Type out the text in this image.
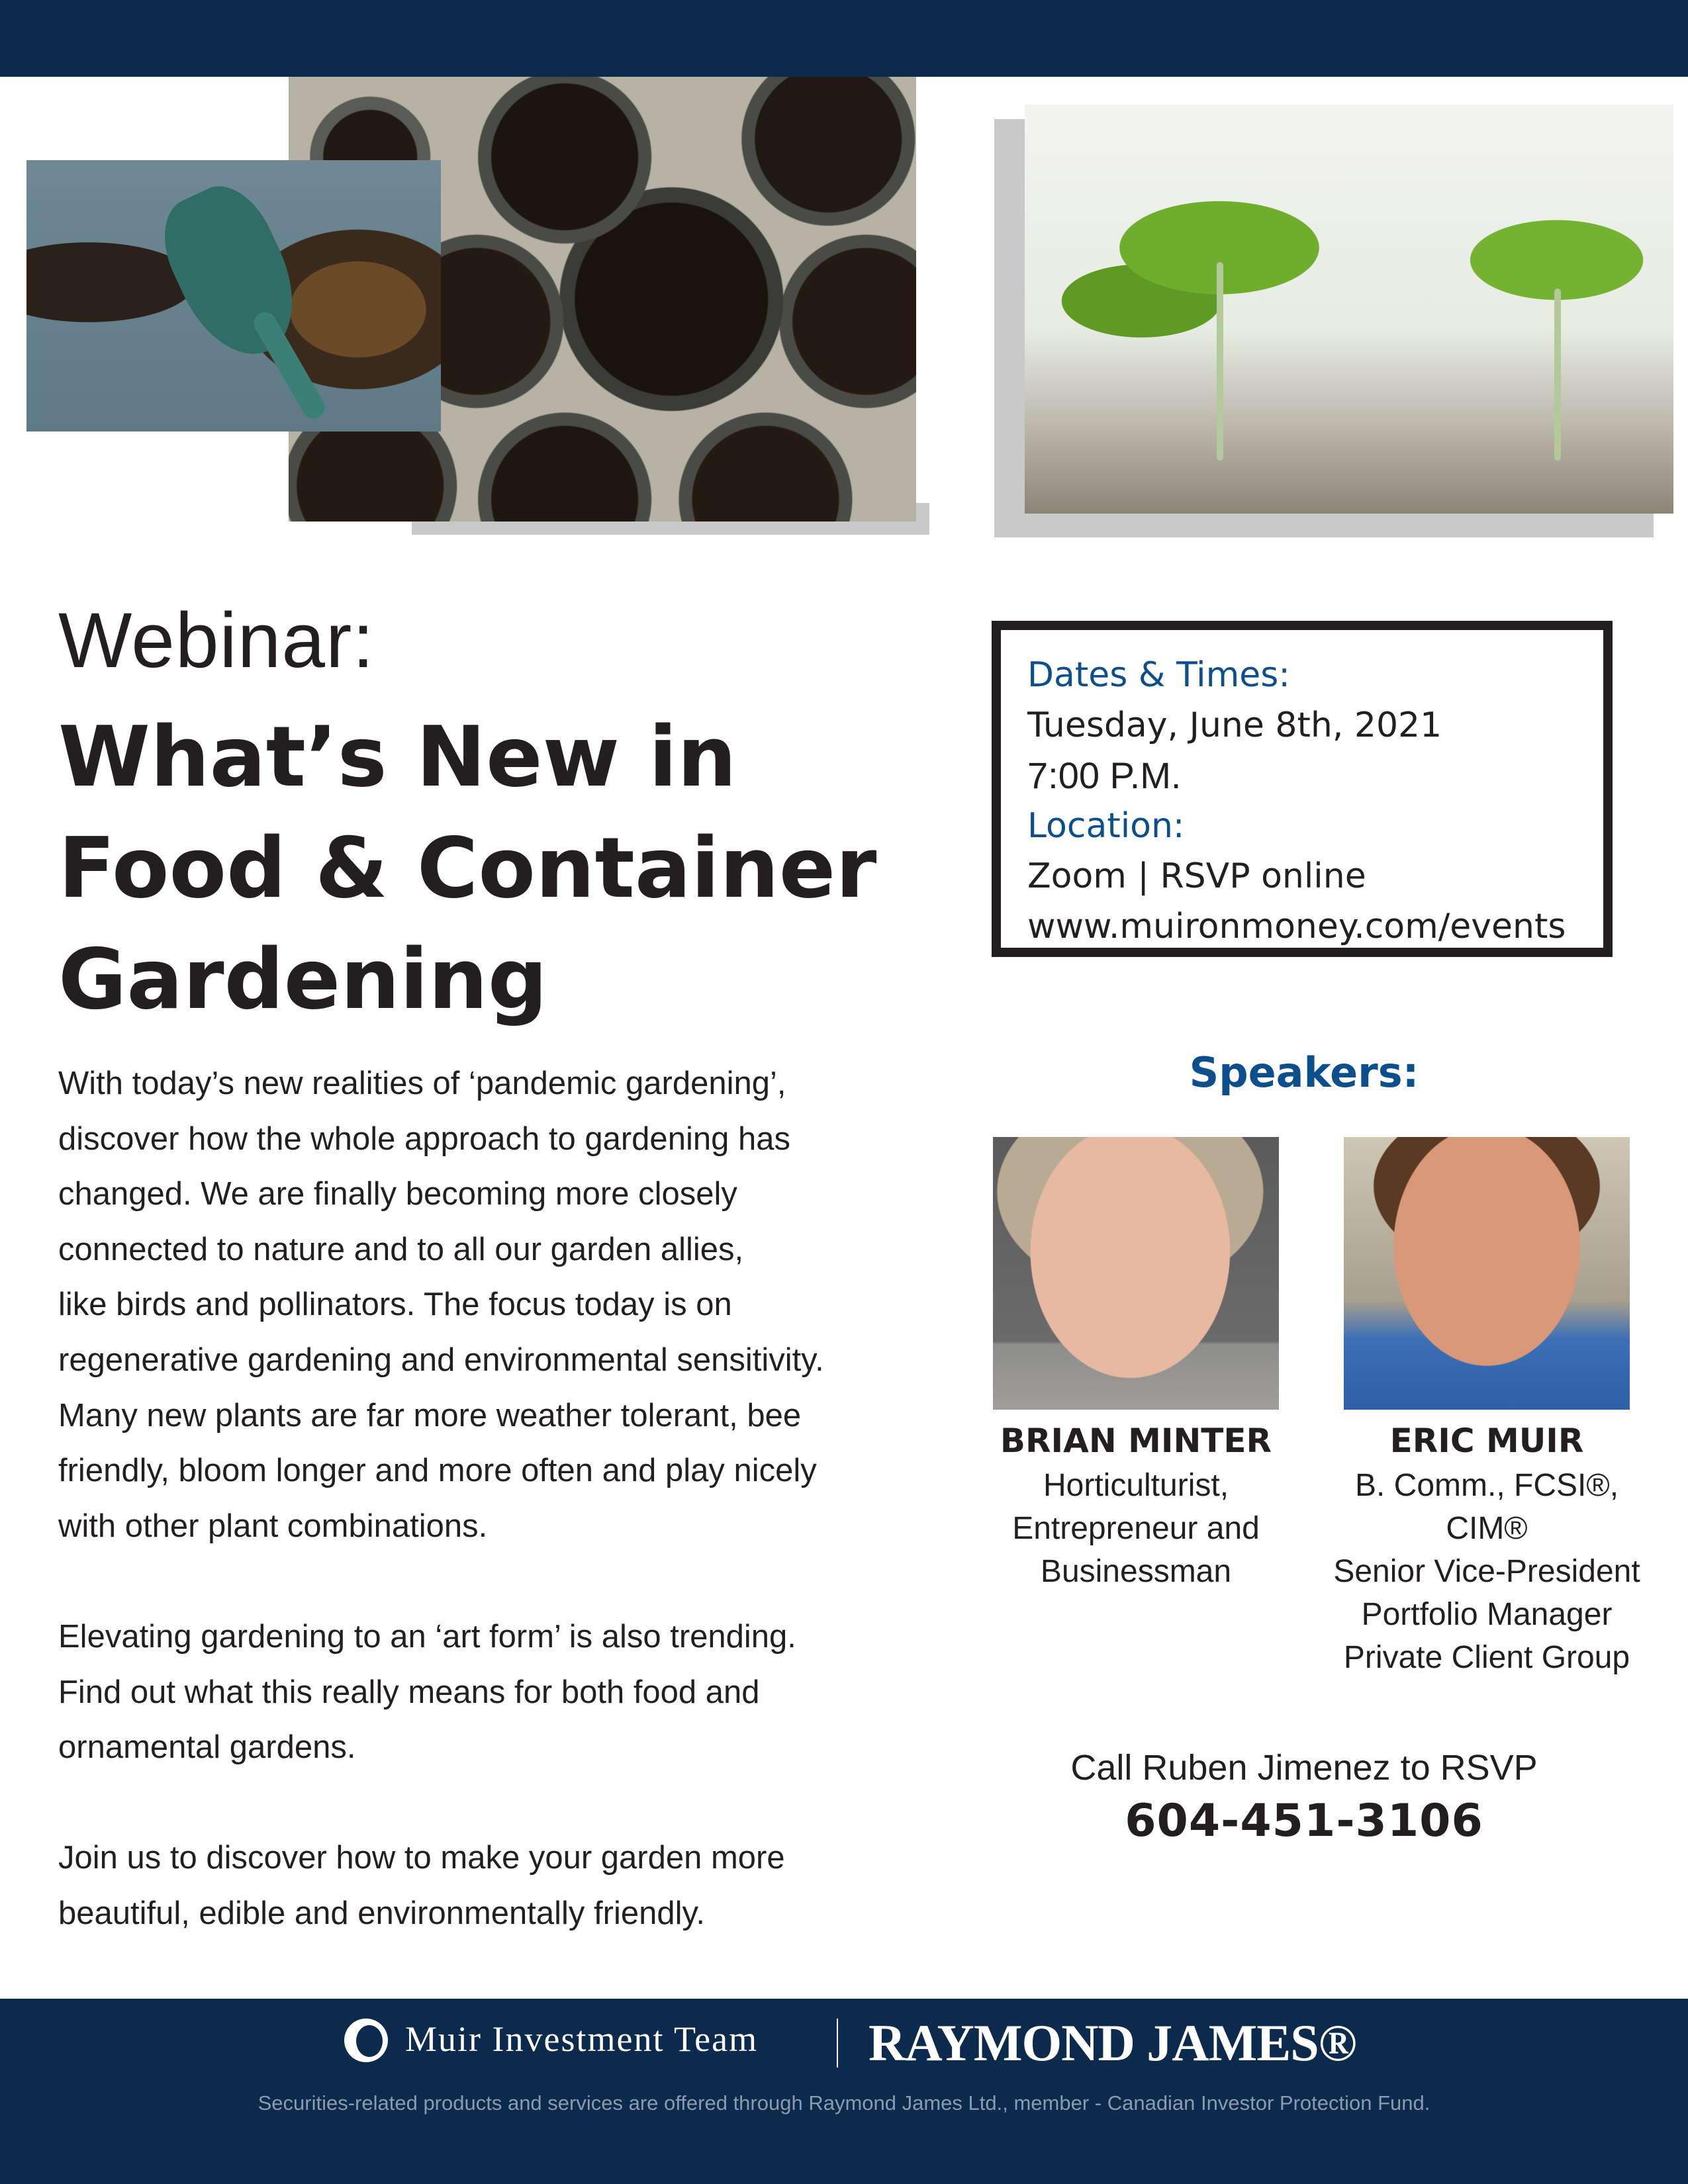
Webinar:
What’s New in
Food & Container
Gardening

With today’s new realities of ‘pandemic gardening’,
discover how the whole approach to gardening has
changed. We are finally becoming more closely
connected to nature and to all our garden allies,
like birds and pollinators. The focus today is on
regenerative gardening and environmental sensitivity.
Many new plants are far more weather tolerant, bee
friendly, bloom longer and more often and play nicely
with other plant combinations.

Elevating gardening to an ‘art form’ is also trending.
Find out what this really means for both food and
ornamental gardens.

Join us to discover how to make your garden more
beautiful, edible and environmentally friendly.

Dates & Times:
Tuesday, June 8th, 2021
7:00 P.M.
Location:
Zoom | RSVP online
www.muironmoney.com/events
Speakers:
BRIAN MINTER	ERIC MUIR
Horticulturist,
Entrepreneur and
Businessman
B. Comm., FCSI®, CIM®
Senior Vice-President
Portfolio Manager
Private Client Group
Call Ruben Jimenez to RSVP
604-451-3106
Muir Investment Team RAYMOND JAMES®
Securities-related products and services are offered through Raymond James Ltd., member - Canadian Investor Protection Fund.
